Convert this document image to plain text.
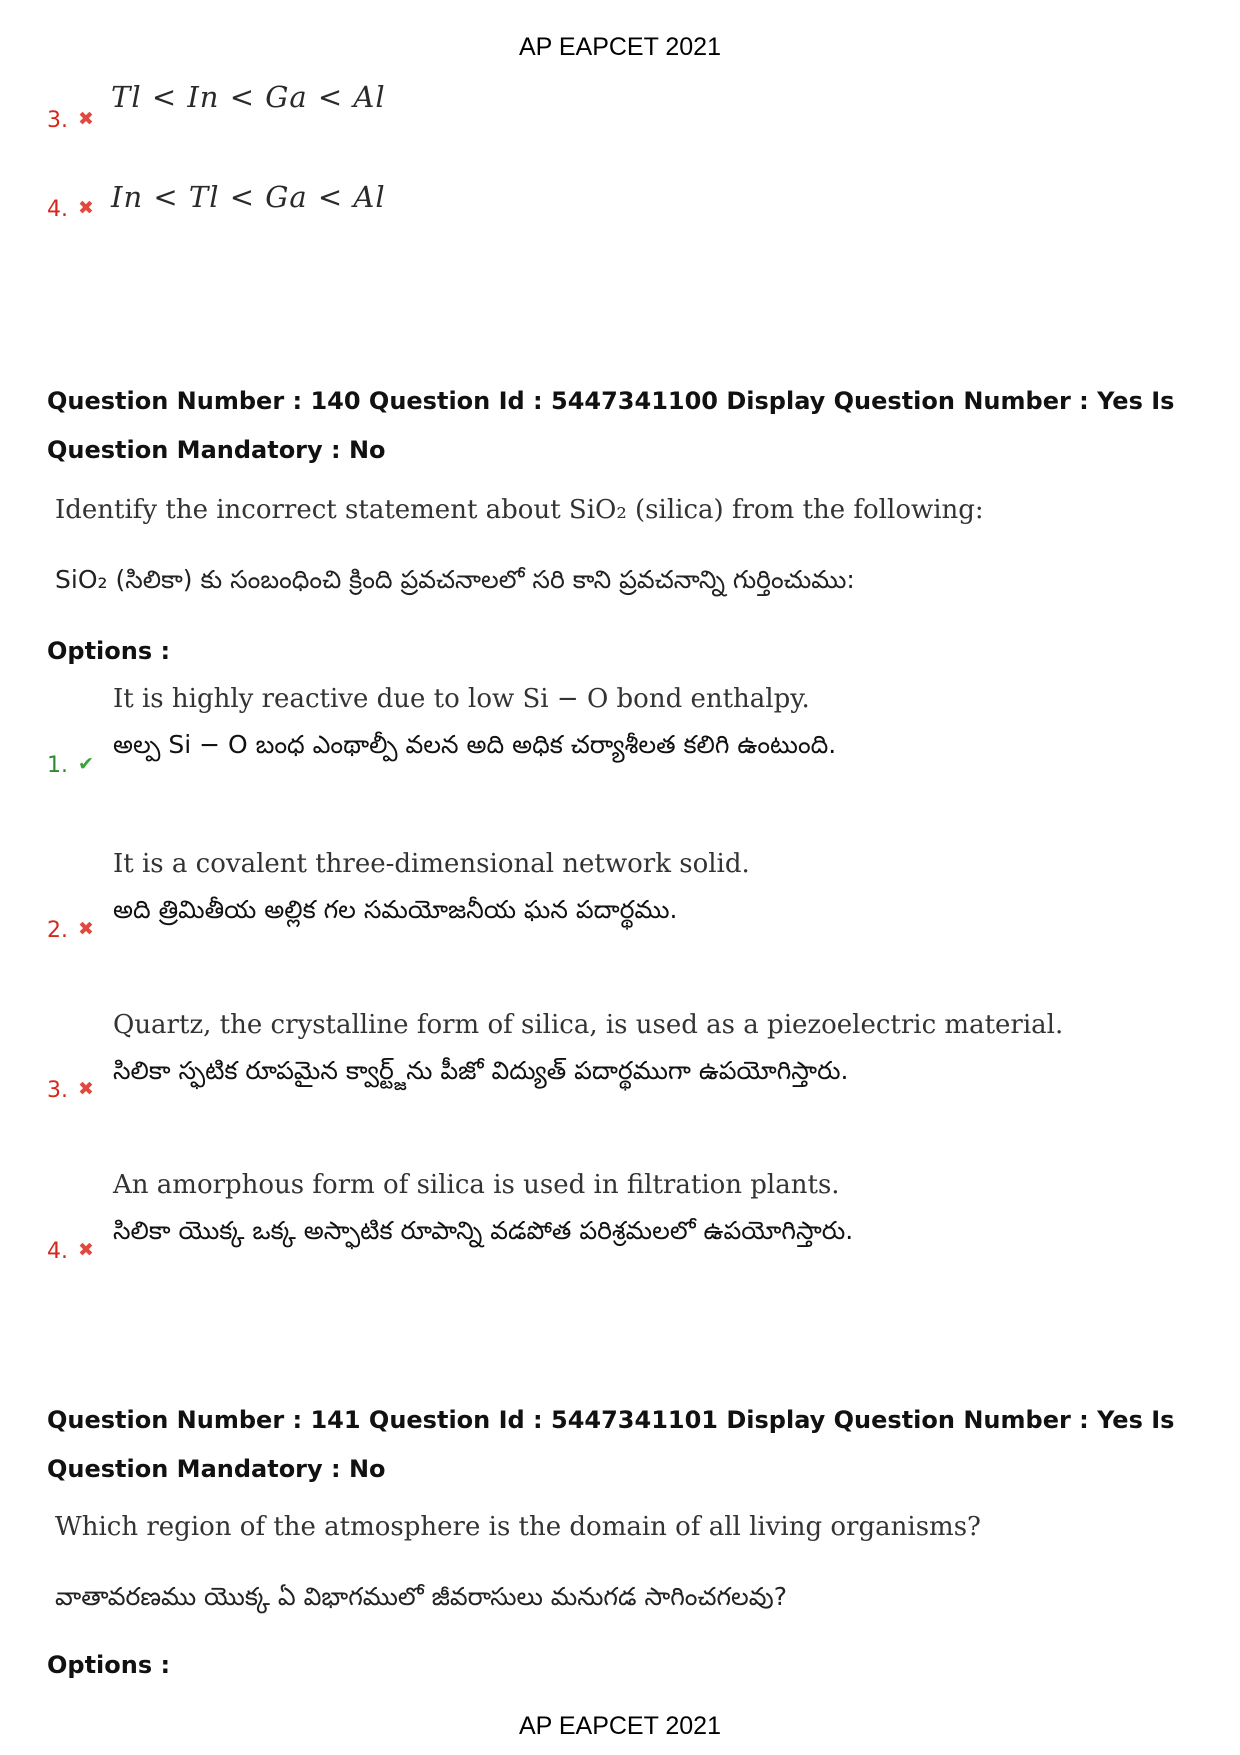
AP EAPCET 2021
3. ✖
Tl < In < Ga < Al
4. ✖ In < Tl < Ga < Al
Question Number : 140 Question Id : 5447341100 Display Question Number : Yes Is Question Mandatory : No
Identify the incorrect statement about SiO₂ (silica) from the following:
SiO₂ (సిలికా) కు సంబంధించి క్రింది ప్రవచనాలలో సరి కాని ప్రవచనాన్ని గుర్తించుము:
Options :
It is highly reactive due to low Si − O bond enthalpy.
అల్ప Si − O బంధ ఎంథాల్పీ వలన అది అధిక చర్యాశీలత కలిగి ఉంటుంది.
1. ✔
It is a covalent three-dimensional network solid.
అది త్రిమితీయ అల్లిక గల సమయోజనీయ ఘన పదార్థము.
2. ✖
Quartz, the crystalline form of silica, is used as a piezoelectric material.
సిలికా స్ఫటిక రూపమైన క్వార్ట్జ్‌ను పీజో విద్యుత్ పదార్థముగా ఉపయోగిస్తారు.
3. ✖
An amorphous form of silica is used in filtration plants.
సిలికా యొక్క ఒక్క అస్ఫాటిక రూపాన్ని వడపోత పరిశ్రమలలో ఉపయోగిస్తారు.
4. ✖
Question Number : 141 Question Id : 5447341101 Display Question Number : Yes Is Question Mandatory : No
Which region of the atmosphere is the domain of all living organisms?
వాతావరణము యొక్క ఏ విభాగములో జీవరాసులు మనుగడ సాగించగలవు?
Options :
AP EAPCET 2021
